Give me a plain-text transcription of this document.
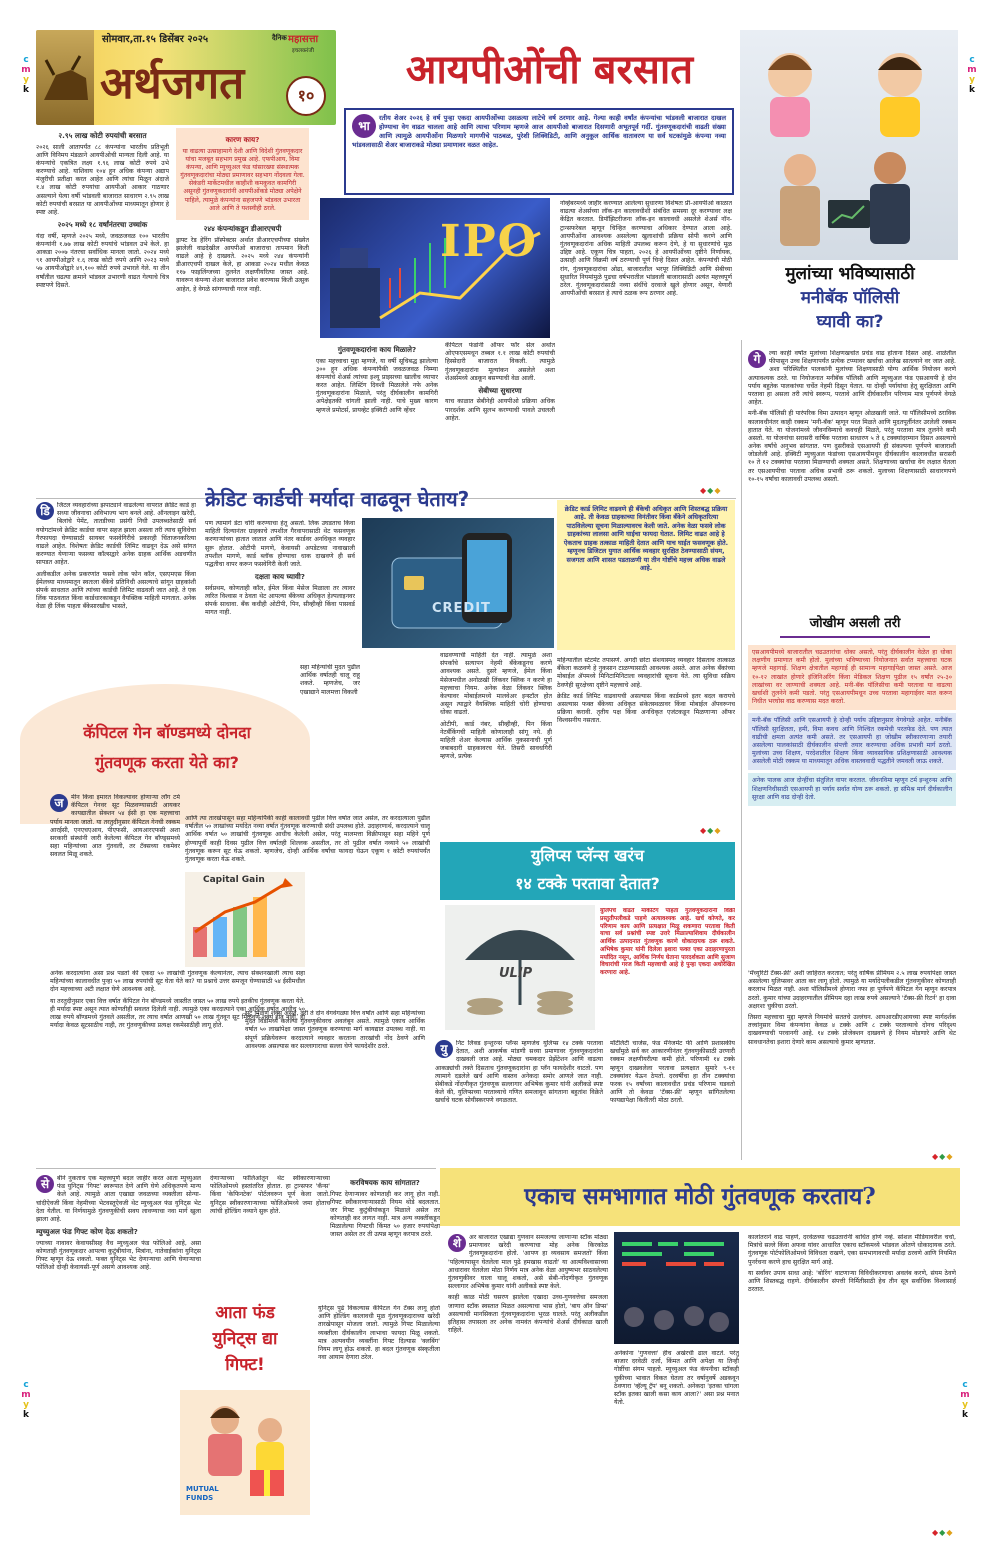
c
m
y
k
c
m
y
k
c
m
y
k
c
m
y
k
सोमवार,ता.१५ डिसेंबर २०२५	दैनिक महासत्ता
इचलकरंजी
अर्थजगत	१०
आयपीओंची बरसात
भा
रतीय शेअर २०२६ हे वर्ष पुन्हा एकदा आयपीओंच्या उसळत्या लाटेचे वर्ष ठरणार आहे. गेल्या काही वर्षांत कंपन्यांचा भांडवली बाजारात दाखल होण्याचा वेग वाढत चालला आहे आणि त्याचा परिणाम म्हणजे आज आयपीओ बाजारात दिसणारी अभूतपूर्व गर्दी. गुंतवणूकदारांची वाढती संख्या आणि त्यामुळे आयपीओंना मिळणारे मागणीचे पाठबळ, पुरेशी लिक्विडिटी, आणि अनुकूल आर्थिक वातावरण या सर्व घटकांमुळे कंपन्या नव्या भांडवलासाठी शेअर बाजाराकडे मोठ्या प्रमाणावर वळत आहेत.
२.९५ लाख कोटी रुपयांची बरसात

२०२६ साली आतापर्यंत ८८ कंपन्यांना भारतीय प्रतिभूती आणि विनिमय मंडळाने आयपीओची मान्यता दिली आहे. या कंपन्यांचे एकत्रित लक्ष्य १.९६ लाख कोटी रुपये उभे करण्याचे आहे. याशिवाय १०४ हून अधिक कंपन्या अद्याप मंजुरीची प्रतीक्षा करत आहेत आणि त्यांचा मिळून अंदाजे १.४ लाख कोटी रुपयांचा आयपीओ आकार गाठणार असल्याने येत्या वर्षी भांडवली बाजारात साधारण २.९५ लाख कोटी रुपयांची बरसात या आयपीओंच्या माध्यमातून होणार हे स्पष्ट आहे.

२०२५ मध्ये १८ वर्षांनंतरचा उच्चांक

यंदा वर्षी, म्हणजे २०२५ मध्ये, जवळजवळ १०० भारतीय कंपन्यांनी १.७७ लाख कोटी रुपयांचे भांडवल उभे केले. हा आकडा २००७ नंतरचा सर्वाधिक मानला जातो. २०२४ मध्ये ९१ आयपीओद्वारे १.६ लाख कोटी रुपये आणि २०२३ मध्ये ५७ आयपीओद्वारे ४९,१०० कोटी रुपये उभारले गेले. या तीन वर्षांतील चढत्या क्रमाने भांडवल उभारणी वाढत गेल्याचे चित्र स्पष्टपणे दिसते.

कारण काय?

या वाढत्या उत्साहामागे देशी आणि विदेशी गुंतवणूकदार यांचा मजबूत सहभाग प्रमुख आहे. एफपीआय, विमा कंपन्या, आणि म्युच्युअल फंड यांसारख्या संस्थात्मक गुंतवणूकदारांचा मोठ्या प्रमाणावर सहभाग नोंदवला गेला. सेकंडरी मार्केटमधील काहीशी कमकुवत कामगिरी असूनही गुंतवणूकदारांनी आयपीओंकडे मोठ्या अपेक्षेने पाहिले, त्यामुळे कंपन्यांना सहजपणे भांडवल उभारता आले आणि ते यशस्वीही ठरले.

२४४ कंपन्यांकडून डीआरएचपी

ड्राफ्ट रेड हेरिंग प्रॉस्पेक्टस अर्थात डीआरएचपीच्या संख्येत झालेली वाढदेखील आयपीओ बाजाराचा तापमान किती वाढले आहे हे दाखवते. २०२५ मध्ये २४४ कंपन्यांनी डीआरएचपी दाखल केले, हा आकडा २०२४ मधील केवळ ११७ फाइलिंग्जच्या तुलनेत लक्षणीयरित्या जास्त आहे. यावरून कंपन्या शेअर बाजारात प्रवेश करण्यास किती उत्सुक आहेत, हे वेगळे सांगण्याची गरज नाही.

IPO
गुंतवणूकदारांना काय मिळाले?

एका महत्त्वाचा मुद्दा म्हणजे, या वर्षी सूचिबद्ध झालेल्या ३०० हून अधिक कंपन्यांपैकी जवळजवळ निम्म्या कंपन्यांचे शेअर्स त्यांच्या इश्यू प्राइसच्या खालीच व्यापार करत आहेत. लिस्टिंग दिवशी मिळालेले नफे अनेक गुंतवणूकदारांना मिळाले, परंतु दीर्घकालीन कामगिरी अपेक्षेइतकी चांगली झाली नाही. याचे मुख्य कारण म्हणजे प्रमोटर्स, प्रायव्हेट इक्विटी आणि व्हेंचर

कॅपिटल फंडांनी ऑफर फॉर सेल अर्थात ओएफएसमधून तब्बल १.१ लाख कोटी रुपयांची हिस्सेदारी बाजारात विकली. त्यामुळे गुंतवणूकदारांना मूल्यांकन असलेले अशा शेअर्समध्ये अडकून बसण्याची वेळ आली.

सेबीच्या सुधारणा

याच काळात सेबीनेही आयपीओ प्रक्रिया अधिक पारदर्शक आणि सुलभ करण्याची पावले उचलली आहेत.

नोव्हेंबरमध्ये जाहीर करण्यात आलेल्या सुधारणा विशेषतः प्री-आयपीओ काळात वाढत्या शेअर्सच्या लॉक-इन कालावधीशी संबंधित समस्या दूर करण्यावर लक्ष केंद्रित करतात. डिपॉझिटरीजना लॉक-इन कालावधी असलेले शेअर्स नॉन-ट्रान्सफरेबल म्हणून चिन्हित करण्याचा अधिकार देण्यात आला आहे. आयपीओंना आवश्यक असलेल्या खुलाशांची प्रक्रिया सोपी करणे आणि गुंतवणूकदारांना अधिक माहिती उपलब्ध करून देणे, हे या सुधारणांचे मूळ उद्दिष्ट आहे. एकूण चित्र पाहता, २०२६ हे आयपीओंच्या दृष्टीने निर्णायक, उत्साही आणि विक्रमी वर्ष ठरण्याची पूर्ण चिन्हे दिसत आहेत. कंपन्यांची मोठी रांग, गुंतवणूकदारांचा ओढा, बाजारातील भरपूर लिक्विडिटी आणि सेबीच्या सुधारित नियमांमुळे पुढचा वर्षभरातील भांडवली बाजारासाठी अत्यंत महत्त्वपूर्ण ठरेल. गुंतवणूकदारांसाठी नव्या संधींचे दरवाजे खुले होणार असून, येणारी आयपीओंची बरसात हे त्याचे ठळक रूप ठरणार आहे.

◆◆◆
मुलांच्या भविष्यासाठी
मनीबॅक पॉलिसी
घ्यावी का?
गे	ल्या काही वर्षांत मुलांच्या शिक्षणखर्चात प्रचंड वाढ होताना दिसत आहे. शाळेतील फीपासून उच्च शिक्षणापर्यंत प्रत्येक टप्प्यावर खर्चाचा आलेख सातत्याने वर जात आहे. अशा परिस्थितीत पालकांनी मुलांच्या शिक्षणासाठी योग्य आर्थिक नियोजन करणे अत्यावश्यक ठरते. या नियोजनात मनीबॅक पॉलिसी आणि म्युच्युअल फंड एसआयपी हे दोन पर्याय बहुतेक पालकांच्या चर्चेत नेहमी दिसून येतात. या दोन्ही पर्यायांचा हेतू सुरक्षितता आणि परतावा हा असला तरी त्यांचे स्वरूप, परतावे आणि दीर्घकालीन परिणाम मात्र पूर्णपणे वेगळे आहेत.

मनी-बॅक पॉलिसी ही पारंपरिक विमा उत्पादन म्हणून ओळखली जाते. या पॉलिसीमध्ये ठराविक कालावधीनंतर काही रक्कम 'मनी-बॅक' म्हणून परत मिळते आणि मुदतपूर्तीनंतर उरलेली रक्कम हातात येते. या योजनांमध्ये जीवनविम्याचे कवचही मिळते, परंतु परतावा मात्र तुलनेने कमी असतो. या योजनांचा सरासरी वार्षिक परतावा साधारण ५ ते ६ टक्क्यांदरम्यान दिसत असल्याचे अनेक वर्षांचे अनुभव सांगतात. पण दुसरीकडे एसआयपी ही संकल्पना पूर्णपणे बाजाराशी जोडलेली आहे. इक्विटी म्युच्युअल फंडांच्या एसआयपीमधून दीर्घकालीन कालावधीत सरासरी १० ते १२ टक्क्यांचा परतावा मिळण्याची शक्यता असते. शिक्षणाच्या खर्चाचा वेग लक्षात घेतला तर एसआयपीचा परतावा अधिक प्रभावी ठरू शकतो. मुलाच्या शिक्षणासाठी साधारणपणे १०-१५ वर्षांचा कालावधी उपलब्ध असतो.

जोखीम असली तरी

एसआयपीमध्ये बाजारातील चढउतारांचा धोका असतो, परंतु दीर्घकालीन वेळेत हा धोका लक्षणीय प्रमाणात कमी होतो. मुलांच्या भविष्याच्या नियोजनात सर्वात महत्त्वाचा घटक म्हणजे महागाई. शिक्षण क्षेत्रातील महागाई ही सामान्य महागाईपेक्षा जास्त असते. आज १०-१२ लाखांत होणारे इंजिनिअरिंग किंवा मेडिकल शिक्षण पुढील १५ वर्षांत २५-३० लाखांच्या वर जाण्याची शक्यता आहे. मनी-बॅक पॉलिसीचा कमी परतावा या वाढत्या खर्चाशी तुलनेने कमी पडतो. परंतु एसआयपीमधून उच्च परतावा महागाईवर मात करून निधीत भरघोस वाढ करण्यास मदत करतो.

मनी-बॅक पॉलिसी आणि एसआयपी हे दोन्ही पर्याय उद्दिष्टानुसार वेगवेगळे आहेत. मनीबॅक पॉलिसी सुरक्षितता, हमी, विमा कवच आणि निश्चित रकमेची परतफेड देते. पण त्यात वाढीची क्षमता अत्यंत कमी असते. तर एसआयपी हा जोखीम स्वीकारणाऱ्या तयारी असलेल्या पालकांसाठी दीर्घकालीन संपत्ती तयार करण्याचा अधिक प्रभावी मार्ग ठरतो. मुलांच्या उच्च शिक्षण, परदेशातील शिक्षण किंवा व्यावसायिक प्रशिक्षणासाठी आवश्यक असलेली मोठी रक्कम या माध्यमातून अधिक वास्तववादी पद्धतीने जमवली जाऊ शकते.

अनेक पालक आज दोन्हींचा संतुलित वापर करतात. जीवनविमा म्हणून टर्म इन्शुरन्स आणि शिक्षणनिधीसाठी एसआयपी हा पर्याय सर्वात योग्य ठरू शकतो. हा संमिश्र मार्ग दीर्घकालीन सुरक्षा आणि वाढ दोन्ही देतो.

क्रेडिट कार्डची मर्यादा वाढवून घेताय?
डि	जिटल व्यवहारांच्या झपाट्याने वाढलेल्या वापरात क्रेडिट कार्ड हा सध्या जीवनाचा अविभाज्य भाग बनले आहे. ऑनलाइन खरेदी, बिलांचे पेमेंट, तातडीच्या प्रसंगी निधी उपलब्धतेसाठी सर्व वयोगटांमध्ये क्रेडिट कार्डचा वापर सहज झाला असला तरी त्याच सुविधेचा गैरफायदा घेण्यासाठी सायबर फसवेगिरीचे प्रकारही चिंताजनकरित्या वाढले आहेत. विशेषतः क्रेडिट कार्डची लिमिट वाढवून देऊ असे सांगत करण्यात येणाऱ्या फसव्या कॉल्सद्वारे अनेक ग्राहक आर्थिक अडचणीत सापडत आहेत.

अलीकडील अनेक प्रकरणांत फसवे लोक फोन कॉल, एसएमएस किंवा ईमेलच्या माध्यमातून स्वतःला बँकेचे प्रतिनिधी असल्याचे सांगून ग्राहकांशी संपर्क साधतात आणि त्यांच्या कार्डची लिमिट वाढवली जात आहे. ते एक लिंक पाठवतात किंवा कार्डधारकाकडून वैयक्तिक माहिती मागतात. अनेक वेळा ही लिंक पाहता बँकेसारखीच भासते,

पण त्यामागे डेटा चोरी करण्याचा हेतू असतो. लिंक उघडताच किंवा माहिती दिल्यानंतर ग्राहकाचे तपशील गैरवापरासाठी थेट फसवणूक करणाऱ्यांच्या हातात जातात आणि नंतर कार्डवर अनधिकृत व्यवहार सुरू होतात. ओटीपी मागणे, केवायसी अपडेटच्या नावाखाली तपशील मागणे, कार्ड ब्लॉक होण्याचा धाक दाखवणे ही सर्व पद्धतीचा वापर करून फसवेगिरी केली जाते.

दक्षता काय घ्यावी?

सर्वप्रथम, कोणताही कॉल, ईमेल किंवा मेसेज मिळाला तर त्यावर त्वरित विश्वास न ठेवता थेट आपल्या बँकेच्या अधिकृत हेल्पलाइनवर संपर्क साधावा. बँक कधीही ओटीपी, पिन, सीव्हीव्ही किंवा पासवर्ड मागत नाही.	CREDIT
क्रेडिट कार्ड लिमिट वाढवणे ही बँकेची अधिकृत आणि शिस्तबद्ध प्रक्रिया आहे. ती केवळ ग्राहकाच्या विनंतीवर किंवा बँकेने अधिकृतरित्या पाठविलेल्या सूचना मिळाल्यावरच केली जाते. अनेक वेळा फसवे लोक ग्राहकांच्या लालसा आणि घाईचा फायदा घेतात. लिमिट वाढत आहे हे ऐकताच ग्राहक तत्काळ माहिती देतात आणि याच घाईत फसवणूक होते. म्हणूनच डिजिटल युगात आर्थिक व्यवहार सुरक्षित ठेवण्यासाठी संयम, सजगता आणि शासत पडताळणी या तीन गोष्टींचे महत्त्व अधिक वाढले आहे.

वाढवण्याची माहिती देत नाही. त्यामुळे अशा संपर्कांचे सत्यापन नेहमी बँकेकडूनच करणे आवश्यक असते. दुसरे म्हणजे, ईमेल किंवा मेसेजमधील अनोळखी लिंकवर क्लिक न करणे हा महत्त्वाचा नियम. अनेक वेळा लिंकवर क्लिक केल्यावर मोबाईलमध्ये मालवेअर इन्स्टॉल होत असून त्याद्वारे वैयक्तिक माहिती चोरी होण्याचा धोका वाढतो.

ओटीपी, कार्ड नंबर, सीव्हीव्ही, पिन किंवा नेटबँकिंगची माहिती कोणालाही सांगू नये. ही माहिती शेअर केल्यास आर्थिक नुकसानाची पूर्ण जबाबदारी ग्राहकावरच येते. तिसरी सावधगिरी म्हणजे, प्रत्येक

महिन्यातील स्टेटमेंट तपासणे. अगदी छोटा संशयास्पद व्यवहार दिसताच तात्काळ बँकेला कळवणे हे नुकसान टाळण्यासाठी आवश्यक असते. आज अनेक बँकांच्या मोबाईल ॲपमध्ये मिनिटामिनिटाला व्यवहारांची सूचना येते. त्या सुविधा सक्रिय ठेवणेही सुरक्षेच्या दृष्टीने महत्त्वाचे आहे.

क्रेडिट कार्ड लिमिट वाढवायची असल्यास किंवा कार्डमध्ये इतर बदल करायचे असल्यास फक्त बँकेच्या अधिकृत संकेतस्थळावर किंवा मोबाईल ॲपवरूनच प्रक्रिया करावी. तृतीय पक्ष किंवा अनधिकृत एजंटकडून मिळणाऱ्या ऑफर विश्वसनीय नसतात.

◆◆◆
कॅपिटल गेन बॉण्डमध्ये दोनदा
गुंतवणूक करता येते का?
ज	मीन किंवा इमारत विकल्यावर होणाऱ्या लाँग टर्म कॅपिटल गेनवर सूट मिळवण्यासाठी आयकर कायद्यातील सेक्शन ५४ ईसी हा एक महत्त्वाचा पर्याय मानला जातो. या तरतुदीनुसार कॅपिटल गेनची रक्कम आरईसी, एनएचएआय, पीएफसी, आयआरएफसी अशा सरकारी संस्थांनी जारी केलेल्या कॅपिटल गेन बॉण्ड्समध्ये सहा महिन्यांच्या आत गुंतवली, तर टॅक्सच्या रकमेवर सवलत मिळू शकते.

Capital Gain

अनेक करदात्यांना असा प्रश्न पडतो की एकदा ५० लाखांची गुंतवणूक केल्यानंतर, त्याच सेक्शनखाली त्याच सहा महिन्यांच्या कालावधीत पुन्हा ५० लाख रुपयांची सूट घेता येते का? या प्रश्नाचे उत्तर समजून घेण्यासाठी ५४ ईसीमधील दोन महत्त्वाच्या अटी लक्षात घेणे आवश्यक आहे.

या तरतुदीनुसार एका वित्त वर्षात कॅपिटल गेन बॉण्डमध्ये जास्तीत जास्त ५० लाख रुपये इतकीच गुंतवणूक करता येते. ही मर्यादा स्पष्ट असून त्यात कोणतीही सवलत दिलेली नाही. त्यामुळे एका करदात्याने एका आर्थिक वर्षात आधीच ५० लाख रुपये बॉण्डमध्ये गुंतवले असतील, तर त्याच वर्षात आणखी ५० लाख गुंतवून सूट मिळवणे शक्य होत नाही. ही मर्यादा केवळ सूटसाठीच नाही, तर गुंतवणुकीच्या प्रत्यक्ष रकमेसाठीही लागू होते.

सहा महिन्यांची मुदत पुढील आर्थिक वर्षातही चालू राहू शकते. म्हणजेच, जर एखाद्याने मालमत्ता विकली

आणि त्या तारखेपासून सहा महिन्यांपैकी काही कालावधी पुढील वित्त वर्षात जात असेल, तर करदात्याला पुढील वर्षातील ५० लाखांच्या मर्यादेत नव्या वर्षात गुंतवणूक करण्याची संधी उपलब्ध होते. उदाहरणार्थ, करदात्याने चालू आर्थिक वर्षात ५० लाखांची गुंतवणूक आधीच केलेली असेल, परंतु मालमत्ता विक्रीपासून सहा महिने पूर्ण होण्यापूर्वी काही दिवस पुढील वित्त वर्षातही शिल्लक असतील, तर तो पुढील वर्षात नव्याने ५० लाखांची गुंतवणूक करून सूट घेऊ शकतो. म्हणजेच, दोन्ही आर्थिक वर्षांचा फायदा घेऊन एकूण १ कोटी रुपयांपर्यंत गुंतवणूक करता येऊ शकते.

सूट मिळणे शक्य असते, तरी ते दोन वेगवेगळ्या वित्त वर्षांत आणि सहा महिन्यांच्या मुदत विंडोमध्ये केलेल्या गुंतवणुकीवरच अवलंबून असते. त्यामुळे एकाच आर्थिक वर्षात ५० लाखांपेक्षा जास्त गुंतवणूक करण्याचा मार्ग कायद्यात उपलब्ध नाही. या संपूर्ण प्रक्रियेवरून करदात्याने व्यवहार करताना तारखांची नोंद ठेवणे आणि आवश्यक असल्यास कर सल्लागाराचा सल्ला घेणे फायदेशीर ठरते.

युलिप्स प्लॅन्स खरंच
१४ टक्के परतावा देतात?
ULIP
युलिपचे वाढते मार्केटिंग पाहता गुंतवणूकदारांनी विक्री प्रस्तुतीपलीकडे पाहणे अत्यावश्यक आहे. खर्च कोणते, कर परिणाम काय आणि प्रत्यक्षात मिळू शकणारा परतावा किती याचा सर्व प्रश्नांची स्पष्ट उत्तरे मिळाल्याशिवाय दीर्घकालीन आर्थिक उत्पादनात गुंतवणूक करणे धोकादायक ठरू शकते. अभिषेक कुमार यांनी दिलेला इशारा फक्त एका उदाहरणापुरता मर्यादित नसून, आर्थिक निर्णय घेताना पारदर्शकता आणि सुजाण विचारांची गरज किती महत्त्वाची आहे हे पुन्हा एकदा अधोरेखित करणारा आहे.
यु	निट लिंक्ड इन्शुरन्स प्लॅन्स म्हणजेच युलिप्स १४ टक्के परतावा देतात, अशी आकर्षक मांडणी सध्या प्रमाणावर गुंतवणूकदारांना दाखवली जात आहे. मोठ्या चमकदार प्रेझेंटेशन आणि वाढत्या आकड्यांची तक्ते दिसताच गुंतवणूकदारांना हा प्लॅन फायदेशीर वाटतो. पण त्यामागे दडलेले खर्च आणि वास्तव अनेकदा समोर आणले जात नाही. सेबीकडे नोंदणीकृत गुंतवणूक सल्लागार अभिषेक कुमार यांनी अलीकडे स्पष्ट केले की, युलिप्सच्या परताव्याचे गणित समजावून सांगताना बहुतांश विक्रेते खर्चाचे घटक सोयीस्करपणे वगळतात.

मॉर्टेलिटी चार्जेस, फंड मॅनेजमेंट फी आणि प्रशासकीय खर्चांमुळे सर्व कर आकारणीनंतर गुंतवणुकीसाठी उरणारी रक्कम लक्षणीयरीत्या कमी होते. परिणामी १४ टक्के म्हणून दाखवलेला परतावा प्रत्यक्षात सुमारे ९-११ टक्क्यांवर येऊन ठेपतो. दरवर्षीचा हा तीन टक्क्यांचा फरक १५ वर्षांच्या कालावधीत प्रचंड परिणाम घडवतो आणि तो केवळ 'टॅक्स-फ्री' म्हणून सांगितलेल्या फायद्यापेक्षा कितीतरी मोठा ठरतो.

'मॅच्युरिटी टॅक्स-फ्री' अशी जाहिरात करतात; परंतु वार्षिक प्रीमियम २.५ लाख रुपयांपेक्षा जास्त असलेल्या युलिप्सवर आता कर लागू होतो. त्यामुळे या मर्यादेपलीकडील गुंतवणुकीवर कोणताही करलाभ मिळत नाही. अशा पॉलिसीमध्ये होणारा नफा हा पूर्णपणे कॅपिटल गेन म्हणून करपात्र ठरतो. कुमार यांच्या उदाहरणातील प्रीमियम दहा लाख रुपये असल्याने 'टॅक्स-फ्री रिटर्न' हा दावा अक्षरशः चुकीचा ठरतो.

तिसरा महत्त्वाचा मुद्दा म्हणजे नियमांचे सततचे उल्लंघन. आयआरडीएआयच्या स्पष्ट मार्गदर्शक तत्त्वांनुसार विमा कंपन्यांना केवळ ४ टक्के आणि ८ टक्के परताव्याचे दोनच परिदृश्य दाखवण्याची परवानगी आहे. १४ टक्के प्रोजेक्शन दाखवणे हे नियम मोडणारे आणि थेट सावधानतेचा इशारा देणारे काम असल्याचे कुमार म्हणतात.

◆◆◆
से	बीने नुकताच एक महत्त्वपूर्ण बदल जाहीर करत आता म्युच्युअल फंड युनिट्स 'गिफ्ट' स्वरूपात देणे आणि घेणे अधिकृतपणे मान्य केले आहे. त्यामुळे आता एखाद्या जवळच्या व्यक्तीला सोन्या-चांदीऐवजी किंवा नेहमीच्या भेटवस्तूऐवजी थेट म्युच्युअल फंड युनिट्स भेट देता येतील. या निर्णयामुळे गुंतवणुकीची सवय लावण्याचा नवा मार्ग खुला झाला आहे.

म्युच्युअल फंड गिफ्ट कोण देऊ शकतो?

ज्याच्या नावावर केवायसीसह वैध म्युच्युअल फंड फोलिओ आहे, असा कोणताही गुंतवणूकदार आपल्या कुटुंबीयांना, मित्रांना, नातेवाईकांना युनिट्स गिफ्ट म्हणून देऊ शकतो. फक्त युनिट्स भेट देणाऱ्याचा आणि घेणाऱ्याचा फोलिओ दोन्ही केवायसी-पूर्ण असणे आवश्यक आहे.

देणाऱ्याच्या फोलिओतून थेट स्वीकारणाऱ्याच्या फोलिओमध्ये हस्तांतरित होतात. हा ट्रान्सफर 'कॅन्स' किंवा 'केफिनटेक' पोर्टलवरून पूर्ण केला जातो. युनिट्स स्वीकारणाऱ्याच्या फोलिओमध्ये जमा होताच त्यांची होल्डिंग नव्याने सुरू होते.

करविषयक काय सांगतात?

गिफ्ट देणाऱ्यावर कोणताही कर लागू होत नाही. गिफ्ट स्वीकारणाऱ्यासाठी नियम थोडे बदलतात. जर गिफ्ट कुटुंबीयांकडून मिळाले असेल तर कोणताही कर लागत नाही. मात्र अन्य व्यक्तींकडून मिळालेल्या गिफ्टची किंमत ५० हजार रुपयांपेक्षा जास्त असेल तर ती उत्पन्न म्हणून करपात्र ठरते.

आता फंड
युनिट्स द्या
गिफ्ट!
MUTUAL
FUNDS

युनिट्स पुढे विकल्यास कॅपिटल गेन टॅक्स लागू होतो आणि होल्डिंग कालावधी मूळ गुंतवणूकदाराच्या खरेदी तारखेपासून मोजला जातो. त्यामुळे गिफ्ट मिळालेल्या व्यक्तीला दीर्घकालीन लाभाचा फायदा मिळू शकतो. मात्र अल्पवयीन व्यक्तींना गिफ्ट दिल्यास 'क्लबिंग' नियम लागू होऊ शकतो. हा बदल गुंतवणूक संस्कृतीला नवा आयाम देणारा ठरेल.

एकाच समभागात मोठी गुंतवणूक करताय?
शे	अर बाजारात एखाद्या गुणवान समजल्या जाणाऱ्या स्टॉक मोठ्या प्रमाणावर खरेदी करण्याचा मोह अनेक किरकोळ गुंतवणूकदारांना होतो. 'आपण हा व्यवसाय समजतो' किंवा 'पहिल्यापासून घेतलेला माल पुढे हमखास वाढतो' या आत्मविश्वासाच्या आधारावर घेतलेला मोठा निर्णय मात्र अनेक वेळा आयुष्यभर साठवलेल्या गुंतवणुकीवर घाला घालू शकतो, असे सेबी-नोंदणीकृत गुंतवणूक सल्लागार अभिषेक कुमार यांनी अलीकडे स्पष्ट केले.

काही काळ मोठी घसरण झालेला एखादा उच्च-गुणवत्तेचा समजला जाणारा स्टॉक स्वस्तात मिळत असल्याचा भास होतो, 'बाय ऑन डिप्स' असल्याची मानसिकता गुंतवणूकदारांना भुरळ घालते. परंतु अलीकडील इतिहास तपासला तर अनेक नामवंत कंपन्यांचे शेअर्स दीर्घकाळ खाली राहिले.

अनेकांना 'गुणवत्ता' हीच अखेरची ढाल वाटते. परंतु बाजार दरवेळी दर्जा, किंमत आणि अपेक्षा या तिन्ही गोष्टींचा संगम पाहतो. म्युच्युअल फंड कंपनीचा स्टॉकही चुकीच्या भावात विकत घेतला तर वर्षानुवर्षे अडकवून ठेवणारा 'व्हॅल्यू ट्रॅप' बनू शकतो. अनेकदा 'इतका चांगला स्टॉक इतका खाली कसा काय आला?' असा प्रश्न मनात येतो.

कालांतराने वाढ पाहणे, दरवेळच्या चढउतारांनी बाधित होणे नव्हे. सोशल मीडियावरील चर्चा, मित्रांचे सल्ले किंवा अफवा यांवर आधारित एकाच स्टॉकमध्ये भांडवल ओतणे धोकादायक ठरते. गुंतवणूक पोर्टफोलिओमध्ये विविधता राखणे, एका समभागावरची मर्यादा ठरवणे आणि नियमित पुनर्रचना करणे हाच सुरक्षित मार्ग आहे.

या सर्वांवर उपाय साधा आहे: 'बोरिंग' वाटणाऱ्या विविधीकरणाचा अवलंब करणे, संयम ठेवणे आणि शिस्तबद्ध राहणे. दीर्घकालीन संपत्ती निर्मितीसाठी हेच तीन सूत्र सर्वाधिक विश्वासार्ह ठरतात.

◆◆◆
